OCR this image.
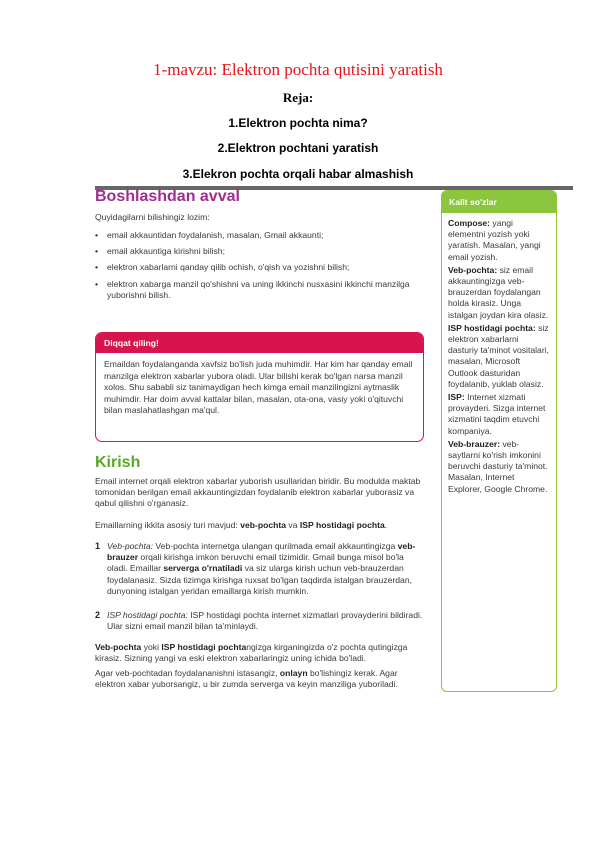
1-mavzu: Elektron pochta qutisini yaratish
Reja:
1.Elektron pochta nima?
2.Elektron pochtani yaratish
3.Elekron pochta orqali habar almashish
Boshlashdan avval
Quyidagilarni bilishingiz lozim:
• email akkauntidan foydalanish, masalan, Gmail akkaunti;
• email akkauntiga kirishni bilish;
• elektron xabarlarni qanday qilib ochish, o'qish va yozishni bilish;
• elektron xabarga manzil qo'shishni va uning ikkinchi nusxasini ikkinchi manzilga yuborishni bilish.
Diqqat qiling!
Emaildan foydalanganda xavfsiz bo'lish juda muhimdir. Har kim har qanday email manzilga elektron xabarlar yubora oladi. Ular bilishi kerak bo'lgan narsa manzil xolos. Shu sababli siz tanimaydigan hech kimga email manzilingizni aytmaslik muhimdir. Har doim avval kattalar bilan, masalan, ota-onа, vasiy yoki o'qituvchi bilan maslahatlashgan ma'qul.
Kirish
Email internet orqali elektron xabarlar yuborish usullaridan biridir. Bu modulda maktab tomonidan berilgan email akkauntingizdan foydalanib elektron xabarlar yuborasiz va qabul qilishni o'rganasiz.
Emaillarning ikkita asosiy turi mavjud: veb-pochta va ISP hostidagi pochta.
1 Veb-pochta: Veb-pochta internetga ulangan qurilmada email akkauntingizga veb-brauzer orqali kirishga imkon beruvchi email tizimidir. Gmail bunga misol bo'la oladi. Emaillar serverga o'rnatiladi va siz ularga kirish uchun veb-brauzerdan foydalanasiz. Sizda tizimga kirishga ruxsat bo'lgan taqdirda istalgan brauzerdan, dunyoning istalgan yeridan emaillarga kirish mumkin.
2 ISP hostidagi pochta: ISP hostidagi pochta internet xizmatlari provayderini bildiradi. Ular sizni email manzil bilan ta'minlaydi.
Veb-pochta yoki ISP hostidagi pochtangizga kirganingizda o'z pochta qutingizga kirasiz. Sizning yangi va eski elektron xabarlaringiz uning ichida bo'ladi.
Agar veb-pochtadan foydalananishni istasangiz, onlayn bo'lishingiz kerak. Agar elektron xabar yuborsangiz, u bir zumda serverga va keyin manziliga yuboriladi.
Kalit so'zlar

Compose: yangi elementni yozish yoki yaratish. Masalan, yangi email yozish.

Veb-pochta: siz email akkauntingizga veb-brauzerdan foydalangan holda kirasiz. Unga istalgan joydan kira olasiz.

ISP hostidagi pochta: siz elektron xabarlarni dasturiy ta'minot vositalari, masalan, Microsoft Outlook dasturidan foydalanib, yuklab olasiz.

ISP: Internet xizmati provayderi. Sizga internet xizmatini taqdim etuvchi kompaniya.

Veb-brauzer: veb-saytlarni ko'rish imkonini beruvchi dasturiy ta'minot. Masalan, Internet Explorer, Google Chrome.
